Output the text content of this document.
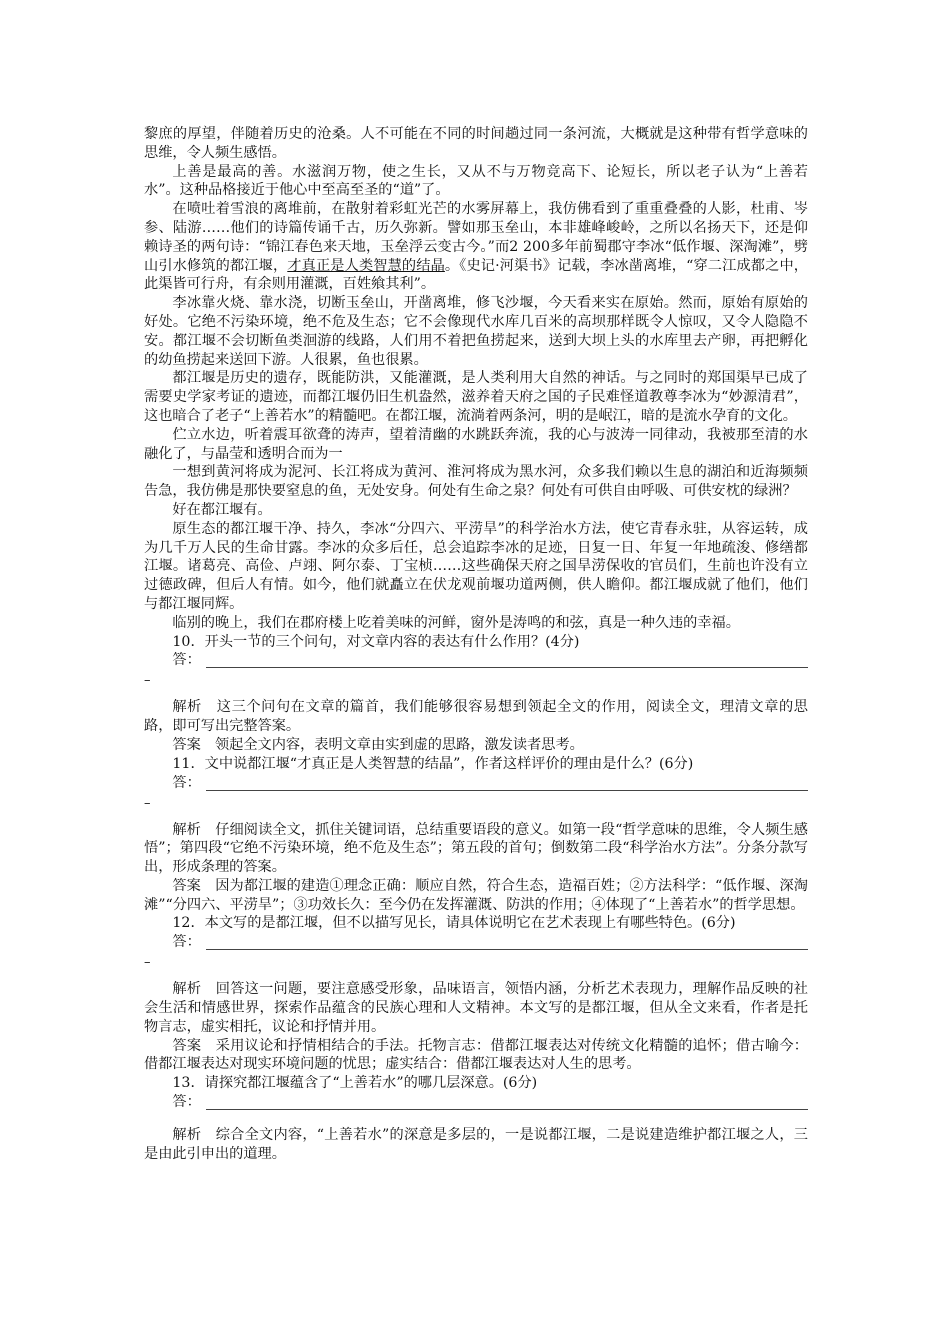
黎庶的厚望，伴随着历史的沧桑。人不可能在不同的时间趟过同一条河流，大概就是这种带有哲学意味的思维，令人频生感悟。

上善是最高的善。水滋润万物，使之生长，又从不与万物竞高下、论短长，所以老子认为“上善若水”。这种品格接近于他心中至高至圣的“道”了。

在喷吐着雪浪的离堆前，在散射着彩虹光芒的水雾屏幕上，我仿佛看到了重重叠叠的人影，杜甫、岑参、陆游……他们的诗篇传诵千古，历久弥新。譬如那玉垒山，本非雄峰峻岭，之所以名扬天下，还是仰赖诗圣的两句诗：“锦江春色来天地，玉垒浮云变古今。”而2 200多年前蜀郡守李冰“低作堰、深淘滩”，劈山引水修筑的都江堰，才真正是人类智慧的结晶。《史记·河渠书》记载，李冰凿离堆，“穿二江成都之中，此渠皆可行舟，有余则用灌溉，百姓飨其利”。

李冰靠火烧、靠水浇，切断玉垒山，开凿离堆，修飞沙堰，今天看来实在原始。然而，原始有原始的好处。它绝不污染环境，绝不危及生态；它不会像现代水库几百米的高坝那样既令人惊叹，又令人隐隐不安。都江堰不会切断鱼类洄游的线路，人们用不着把鱼捞起来，送到大坝上头的水库里去产卵，再把孵化的幼鱼捞起来送回下游。人很累，鱼也很累。

都江堰是历史的遗存，既能防洪，又能灌溉，是人类利用大自然的神话。与之同时的郑国渠早已成了需要史学家考证的遗迹，而都江堰仍旧生机盎然，滋养着天府之国的子民难怪道教尊李冰为“妙源清君”，这也暗合了老子“上善若水”的精髓吧。在都江堰，流淌着两条河，明的是岷江，暗的是流水孕育的文化。

伫立水边，听着震耳欲聋的涛声，望着清幽的水跳跃奔流，我的心与波涛一同律动，我被那至清的水融化了，与晶莹和透明合而为一

一想到黄河将成为泥河、长江将成为黄河、淮河将成为黑水河，众多我们赖以生息的湖泊和近海频频告急，我仿佛是那快要窒息的鱼，无处安身。何处有生命之泉？何处有可供自由呼吸、可供安枕的绿洲？

好在都江堰有。

原生态的都江堰干净、持久，李冰“分四六、平涝旱”的科学治水方法，使它青春永驻，从容运转，成为几千万人民的生命甘露。李冰的众多后任，总会追踪李冰的足迹，日复一日、年复一年地疏浚、修缮都江堰。诸葛亮、高俭、卢翊、阿尔泰、丁宝桢……这些确保天府之国旱涝保收的官员们，生前也许没有立过德政碑，但后人有情。如今，他们就矗立在伏龙观前堰功道两侧，供人瞻仰。都江堰成就了他们，他们与都江堰同辉。

临别的晚上，我们在郡府楼上吃着美味的河鲜，窗外是涛鸣的和弦，真是一种久违的幸福。

10．开头一节的三个问句，对文章内容的表达有什么作用？(4分)

答：
–

解析　这三个问句在文章的篇首，我们能够很容易想到领起全文的作用，阅读全文，理清文章的思路，即可写出完整答案。

答案　领起全文内容，表明文章由实到虚的思路，激发读者思考。

11．文中说都江堰“才真正是人类智慧的结晶”，作者这样评价的理由是什么？(6分)

答：
–

解析　仔细阅读全文，抓住关键词语，总结重要语段的意义。如第一段“哲学意味的思维，令人频生感悟”；第四段“它绝不污染环境，绝不危及生态”；第五段的首句；倒数第二段“科学治水方法”。分条分款写出，形成条理的答案。

答案　因为都江堰的建造①理念正确：顺应自然，符合生态，造福百姓；②方法科学：“低作堰、深淘滩”“分四六、平涝旱”；③功效长久：至今仍在发挥灌溉、防洪的作用；④体现了“上善若水”的哲学思想。

12．本文写的是都江堰，但不以描写见长，请具体说明它在艺术表现上有哪些特色。(6分)

答：
–

解析　回答这一问题，要注意感受形象，品味语言，领悟内涵，分析艺术表现力，理解作品反映的社会生活和情感世界，探索作品蕴含的民族心理和人文精神。本文写的是都江堰，但从全文来看，作者是托物言志，虚实相托，议论和抒情并用。

答案　采用议论和抒情相结合的手法。托物言志：借都江堰表达对传统文化精髓的追怀；借古喻今：借都江堰表达对现实环境问题的忧思；虚实结合：借都江堰表达对人生的思考。

13．请探究都江堰蕴含了“上善若水”的哪几层深意。(6分)

答：

解析　综合全文内容，“上善若水”的深意是多层的，一是说都江堰，二是说建造维护都江堰之人，三是由此引申出的道理。
